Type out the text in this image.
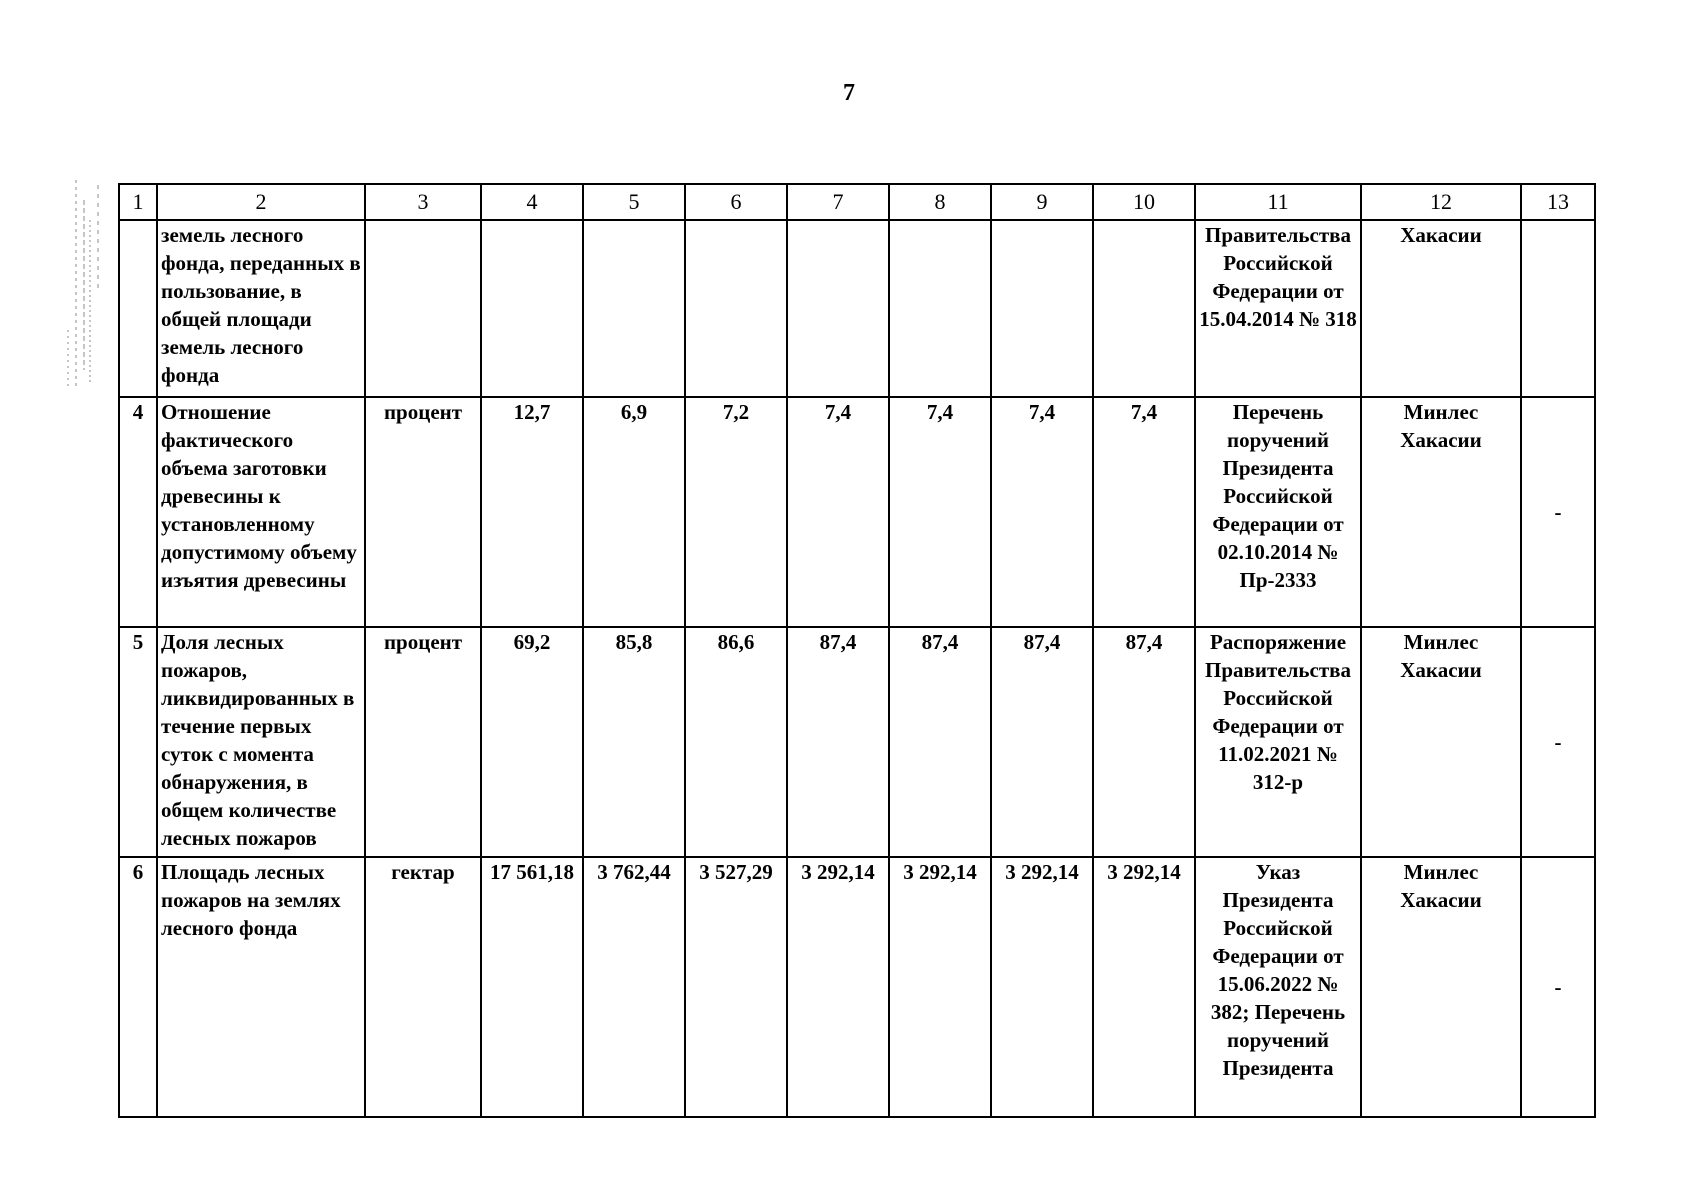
7
1	2	3	4	5	6	7	8	9	10	11	12	13
	земель лесного фонда, переданных в пользование, в общей площади земель лесного фонда									Правительства Российской Федерации от 15.04.2014 № 318	Хакасии	
4	Отношение фактического объема заготовки древесины к установленному допустимому объему изъятия древесины	процент	12,7	6,9	7,2	7,4	7,4	7,4	7,4	Перечень поручений Президента Российской Федерации от 02.10.2014 № Пр-2333	Минлес Хакасии	-
5	Доля лесных пожаров, ликвидированных в течение первых суток с момента обнаружения, в общем количестве лесных пожаров	процент	69,2	85,8	86,6	87,4	87,4	87,4	87,4	Распоряжение Правительства Российской Федерации от 11.02.2021 № 312-р	Минлес Хакасии	-
6	Площадь лесных пожаров на землях лесного фонда	гектар	17 561,18	3 762,44	3 527,29	3 292,14	3 292,14	3 292,14	3 292,14	Указ Президента Российской Федерации от 15.06.2022 № 382; Перечень поручений Президента	Минлес Хакасии	-
